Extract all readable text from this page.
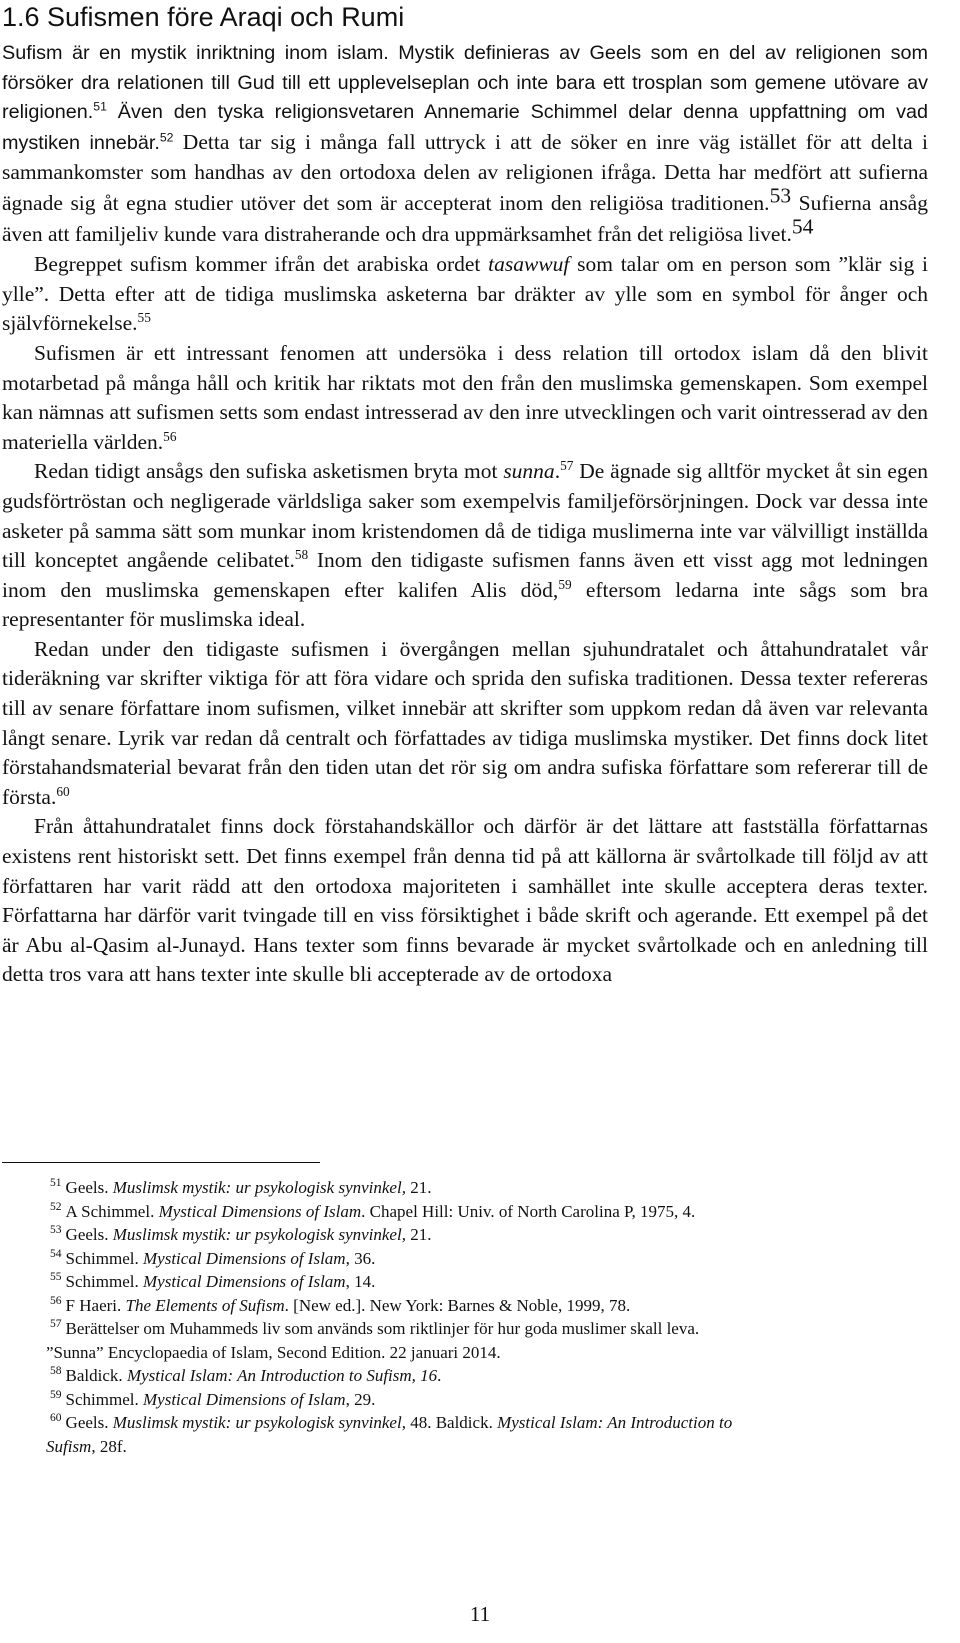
1.6 Sufismen före Araqi och Rumi

Sufism är en mystik inriktning inom islam. Mystik definieras av Geels som en del av religionen som försöker dra relationen till Gud till ett upplevelseplan och inte bara ett trosplan som gemene utövare av religionen.$^{51}$ Även den tyska religionsvetaren Annemarie Schimmel delar denna uppfattning om vad mystiken innebär.$^{52}$ Detta tar sig i många fall uttryck i att de söker en inre väg istället för att delta i sammankomster som handhas av den ortodoxa delen av religionen ifråga. Detta har medfört att sufierna ägnade sig åt egna studier utöver det som är accepterat inom den religiösa traditionen.$^{53}$ Sufierna ansåg även att familjeliv kunde vara distraherande och dra uppmärksamhet från det religiösa livet.$^{54}$

Begreppet sufism kommer ifrån det arabiska ordet tasawwuf som talar om en person som ”klär sig i ylle”. Detta efter att de tidiga muslimska asketerna bar dräkter av ylle som en symbol för ånger och självförnekelse.$^{55}$

Sufismen är ett intressant fenomen att undersöka i dess relation till ortodox islam då den blivit motarbetad på många håll och kritik har riktats mot den från den muslimska gemenskapen. Som exempel kan nämnas att sufismen setts som endast intresserad av den inre utvecklingen och varit ointresserad av den materiella världen.$^{56}$

Redan tidigt ansågs den sufiska asketismen bryta mot sunna.$^{57}$ De ägnade sig alltför mycket åt sin egen gudsförtröstan och negligerade världsliga saker som exempelvis familjeförsörjningen. Dock var dessa inte asketer på samma sätt som munkar inom kristendomen då de tidiga muslimerna inte var välvilligt inställda till konceptet angående celibatet.$^{58}$ Inom den tidigaste sufismen fanns även ett visst agg mot ledningen inom den muslimska gemenskapen efter kalifen Alis död,$^{59}$ eftersom ledarna inte sågs som bra representanter för muslimska ideal.

Redan under den tidigaste sufismen i övergången mellan sjuhundratalet och åttahundratalet vår tideräkning var skrifter viktiga för att föra vidare och sprida den sufiska traditionen. Dessa texter refereras till av senare författare inom sufismen, vilket innebär att skrifter som uppkom redan då även var relevanta långt senare. Lyrik var redan då centralt och författades av tidiga muslimska mystiker. Det finns dock litet förstahandsmaterial bevarat från den tiden utan det rör sig om andra sufiska författare som refererar till de första.$^{60}$

Från åttahundratalet finns dock förstahandskällor och därför är det lättare att fastställa författarnas existens rent historiskt sett. Det finns exempel från denna tid på att källorna är svårtolkade till följd av att författaren har varit rädd att den ortodoxa majoriteten i samhället inte skulle acceptera deras texter. Författarna har därför varit tvingade till en viss försiktighet i både skrift och agerande. Ett exempel på det är Abu al-Qasim al-Junayd. Hans texter som finns bevarade är mycket svårtolkade och en anledning till detta tros vara att hans texter inte skulle bli accepterade av de ortodoxa

$^{51}$ Geels. Muslimsk mystik: ur psykologisk synvinkel, 21.

$^{52}$ A Schimmel. Mystical Dimensions of Islam. Chapel Hill: Univ. of North Carolina P, 1975, 4.

$^{53}$ Geels. Muslimsk mystik: ur psykologisk synvinkel, 21.

$^{54}$ Schimmel. Mystical Dimensions of Islam, 36.

$^{55}$ Schimmel. Mystical Dimensions of Islam, 14.

$^{56}$ F Haeri. The Elements of Sufism. [New ed.]. New York: Barnes & Noble, 1999, 78.

$^{57}$ Berättelser om Muhammeds liv som används som riktlinjer för hur goda muslimer skall leva.
”Sunna” Encyclopaedia of Islam, Second Edition. 22 januari 2014.

$^{58}$ Baldick. Mystical Islam: An Introduction to Sufism, 16.

$^{59}$ Schimmel. Mystical Dimensions of Islam, 29.

$^{60}$ Geels. Muslimsk mystik: ur psykologisk synvinkel, 48. Baldick. Mystical Islam: An Introduction to
Sufism, 28f.

11
